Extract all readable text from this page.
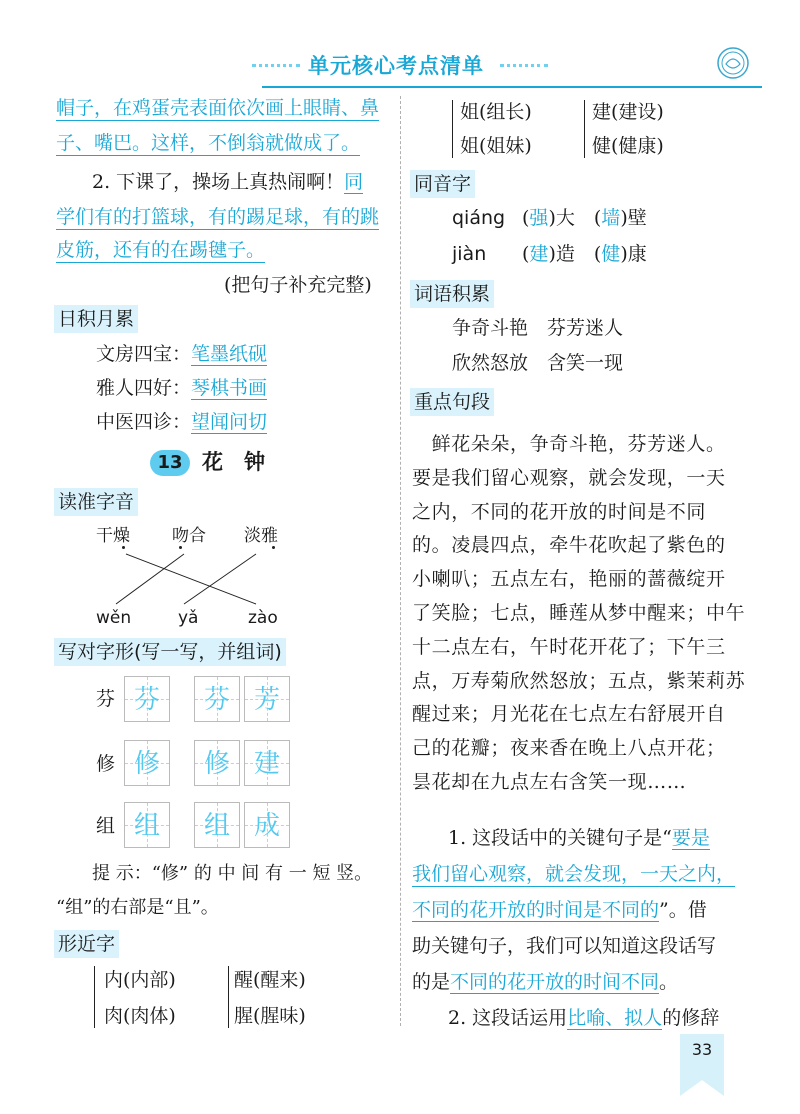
单元核心考点清单
帽子，在鸡蛋壳表面依次画上眼睛、鼻
子、嘴巴。这样，不倒翁就做成了。
2. 下课了，操场上真热闹啊！同
学们有的打篮球，有的踢足球，有的跳
皮筋，还有的在踢毽子。
(把句子补充完整)
日积月累
文房四宝：笔墨纸砚
雅人四好：琴棋书画
中医四诊：望闻问切
13 花　钟
读准字音
干燥 吻合 淡雅
wěn	yǎ	zào
写对字形(写一写，并组词)
芬 芬	芬 芳
修 修	修 建
组 组	组 成
提 示：“修” 的 中 间 有 一 短 竖。
“组”的右部是“且”。
形近字
内(内部)	醒(醒来)
肉(肉体)	腥(腥味)
姐(组长)	建(建设)
姐(姐妹)	健(健康)
同音字
qiáng (强)大　(墙)壁
jiàn (建)造　(健)康
词语积累
争奇斗艳　芬芳迷人
欣然怒放　含笑一现
重点句段
　鲜花朵朵，争奇斗艳，芬芳迷人。
要是我们留心观察，就会发现，一天
之内，不同的花开放的时间是不同
的。凌晨四点，牵牛花吹起了紫色的
小喇叭；五点左右，艳丽的蔷薇绽开
了笑脸；七点，睡莲从梦中醒来；中午
十二点左右，午时花开花了；下午三
点，万寿菊欣然怒放；五点，紫茉莉苏
醒过来；月光花在七点左右舒展开自
己的花瓣；夜来香在晚上八点开花；
昙花却在九点左右含笑一现……
1. 这段话中的关键句子是“要是
我们留心观察，就会发现，一天之内，
不同的花开放的时间是不同的”。借
助关键句子，我们可以知道这段话写
的是不同的花开放的时间不同。
2. 这段话运用比喻、拟人的修辞
33
